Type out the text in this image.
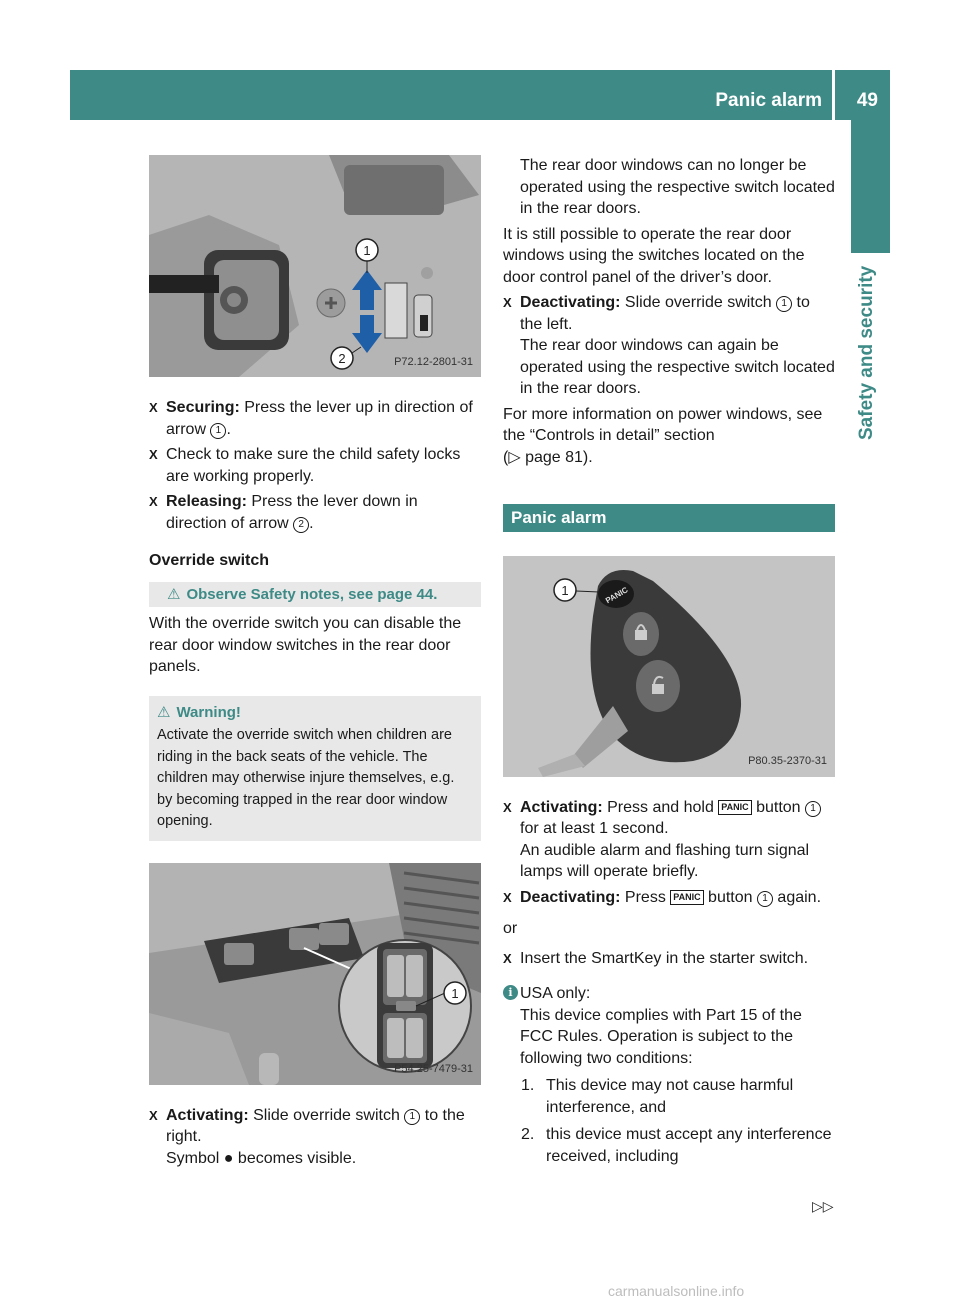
Panic alarm 49
Safety and security
1
2	P72.12-2801-31
X Securing: Press the lever up in direction of arrow 1 .
X Check to make sure the child safety locks are working properly.
X Releasing: Press the lever down in direction of arrow 2 .
Override switch
⚠ Observe Safety notes, see page 44.
With the override switch you can disable the rear door window switches in the rear door panels.
⚠ Warning!
Activate the override switch when children are riding in the back seats of the vehicle. The children may otherwise injure themselves, e.g. by becoming trapped in the rear door window opening.
1
P54.25-7479-31
X Activating: Slide override switch 1 to the right.
Symbol ● becomes visible.
The rear door windows can no longer be operated using the respective switch located in the rear doors.
It is still possible to operate the rear door windows using the switches located on the door control panel of the driver’s door.
X Deactivating: Slide override switch 1 to the left.
The rear door windows can again be operated using the respective switch located in the rear doors.
For more information on power windows, see the “Controls in detail” section
(▷ page 81).
Panic alarm
PANIC
1
P80.35-2370-31
X Activating: Press and hold PANIC button 1 for at least 1 second.
An audible alarm and flashing turn signal lamps will operate briefly.
X Deactivating: Press PANIC button 1 again.
or
X Insert the SmartKey in the starter switch.
i USA only:
This device complies with Part 15 of the FCC Rules. Operation is subject to the following two conditions:
1. This device may not cause harmful interference, and
2. this device must accept any interference received, including
▷▷
carmanualsonline.info
